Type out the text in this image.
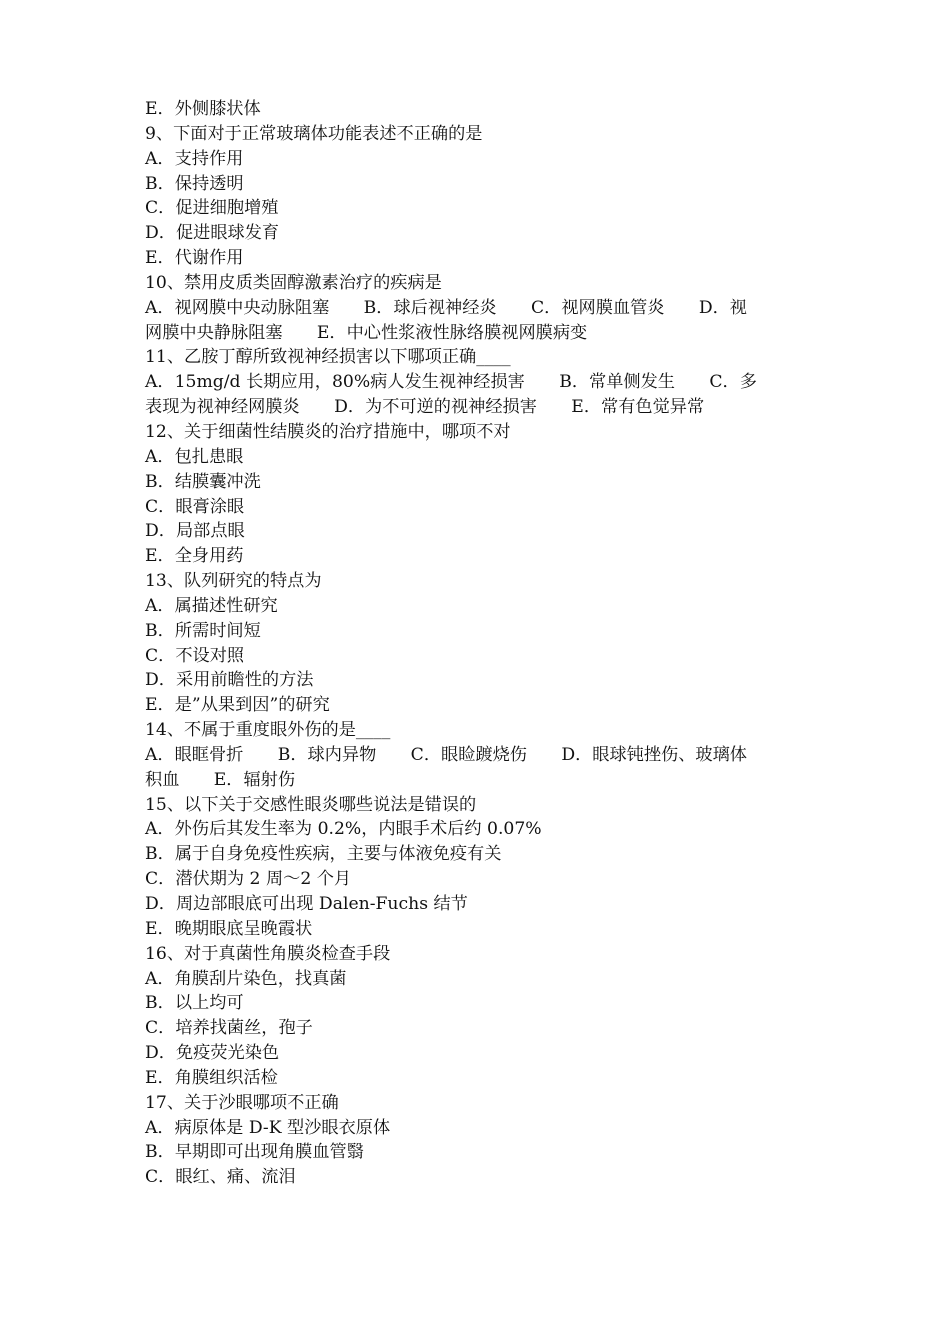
E．外侧膝状体
9、下面对于正常玻璃体功能表述不正确的是
A．支持作用
B．保持透明
C．促进细胞增殖
D．促进眼球发育
E．代谢作用
10、禁用皮质类固醇激素治疗的疾病是
A．视网膜中央动脉阻塞　　B．球后视神经炎　　C．视网膜血管炎　　D．视
网膜中央静脉阻塞　　E．中心性浆液性脉络膜视网膜病变
11、乙胺丁醇所致视神经损害以下哪项正确____
A．15mg/d 长期应用，80%病人发生视神经损害　　B．常单侧发生　　C．多
表现为视神经网膜炎　　D．为不可逆的视神经损害　　E．常有色觉异常
12、关于细菌性结膜炎的治疗措施中，哪项不对
A．包扎患眼
B．结膜囊冲洗
C．眼膏涂眼
D．局部点眼
E．全身用药
13、队列研究的特点为
A．属描述性研究
B．所需时间短
C．不设对照
D．采用前瞻性的方法
E．是”从果到因”的研究
14、不属于重度眼外伤的是____
A．眼眶骨折　　B．球内异物　　C．眼睑踱烧伤　　D．眼球钝挫伤、玻璃体
积血　　E．辐射伤
15、以下关于交感性眼炎哪些说法是错误的
A．外伤后其发生率为 0.2%，内眼手术后约 0.07%
B．属于自身免疫性疾病，主要与体液免疫有关
C．潜伏期为 2 周～2 个月
D．周边部眼底可出现 Dalen-Fuchs 结节
E．晚期眼底呈晚霞状
16、对于真菌性角膜炎检查手段
A．角膜刮片染色，找真菌
B．以上均可
C．培养找菌丝，孢子
D．免疫荧光染色
E．角膜组织活检
17、关于沙眼哪项不正确
A．病原体是 D-K 型沙眼衣原体
B．早期即可出现角膜血管翳
C．眼红、痛、流泪
